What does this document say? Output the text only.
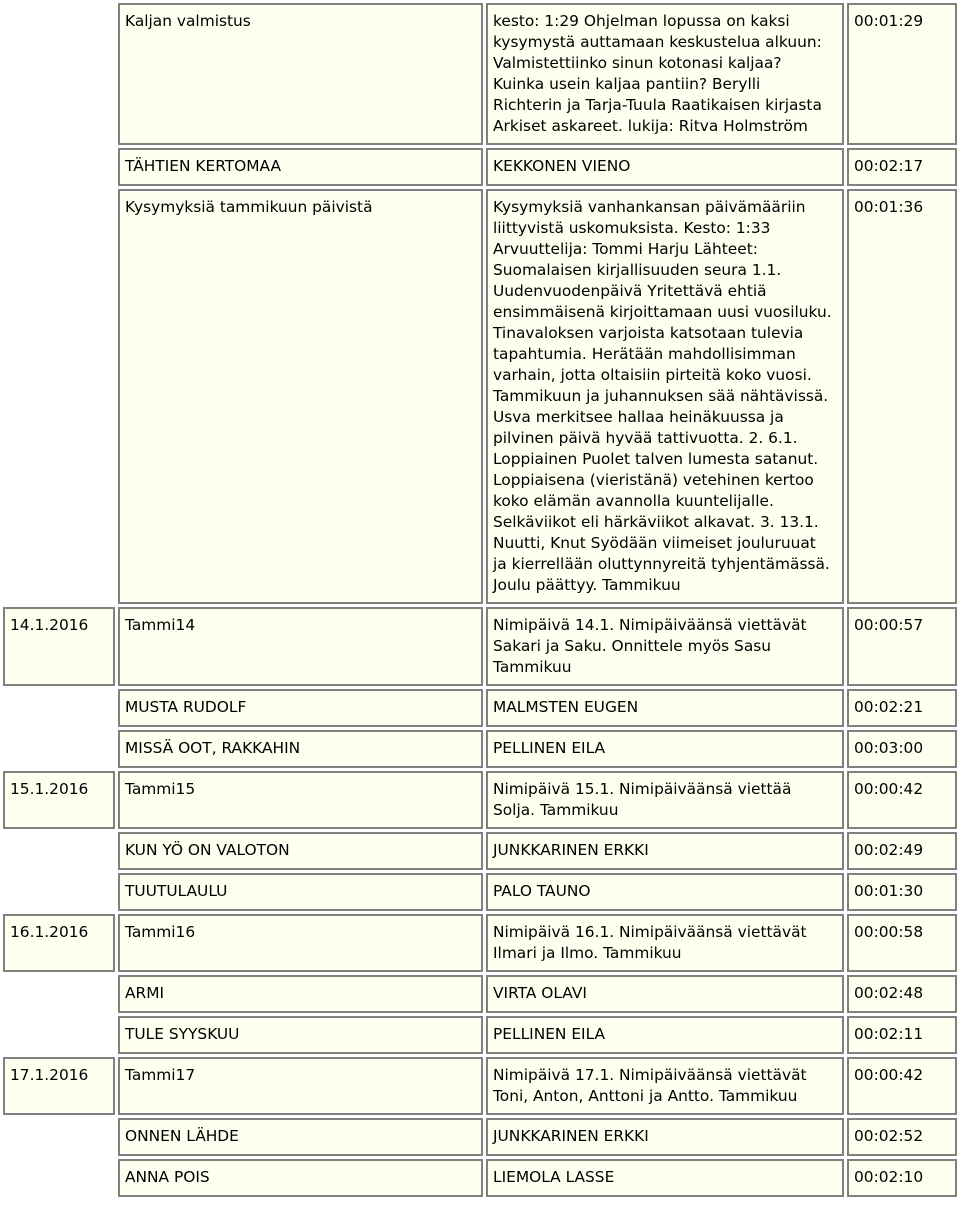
	Kaljan valmistus	kesto: 1:29 Ohjelman lopussa on kaksi kysymystä auttamaan keskustelua alkuun: Valmistettiinko sinun kotonasi kaljaa? Kuinka usein kaljaa pantiin? Berylli Richterin ja Tarja-Tuula Raatikaisen kirjasta Arkiset askareet. lukija: Ritva Holmström	00:01:29

	TÄHTIEN KERTOMAA	KEKKONEN VIENO	00:02:17

	Kysymyksiä tammikuun päivistä	Kysymyksiä vanhankansan päivämääriin liittyvistä uskomuksista. Kesto: 1:33 Arvuuttelija: Tommi Harju Lähteet: Suomalaisen kirjallisuuden seura 1.1. Uudenvuodenpäivä Yritettävä ehtiä ensimmäisenä kirjoittamaan uusi vuosiluku. Tinavaloksen varjoista katsotaan tulevia tapahtumia. Herätään mahdollisimman varhain, jotta oltaisiin pirteitä koko vuosi. Tammikuun ja juhannuksen sää nähtävissä. Usva merkitsee hallaa heinäkuussa ja pilvinen päivä hyvää tattivuotta. 2. 6.1. Loppiainen Puolet talven lumesta satanut. Loppiaisena (vieristänä) vetehinen kertoo koko elämän avannolla kuuntelijalle. Selkäviikot eli härkäviikot alkavat. 3. 13.1. Nuutti, Knut Syödään viimeiset jouluruuat ja kierrellään oluttynnyreitä tyhjentämässä. Joulu päättyy. Tammikuu	00:01:36

14.1.2016	Tammi14	Nimipäivä 14.1. Nimipäiväänsä viettävät Sakari ja Saku. Onnittele myös Sasu Tammikuu	00:00:57

	MUSTA RUDOLF	MALMSTEN EUGEN	00:02:21

	MISSÄ OOT, RAKKAHIN	PELLINEN EILA	00:03:00

15.1.2016	Tammi15	Nimipäivä 15.1. Nimipäiväänsä viettää Solja. Tammikuu	00:00:42

	KUN YÖ ON VALOTON	JUNKKARINEN ERKKI	00:02:49

	TUUTULAULU	PALO TAUNO	00:01:30

16.1.2016	Tammi16	Nimipäivä 16.1. Nimipäiväänsä viettävät Ilmari ja Ilmo. Tammikuu	00:00:58

	ARMI	VIRTA OLAVI	00:02:48

	TULE SYYSKUU	PELLINEN EILA	00:02:11

17.1.2016	Tammi17	Nimipäivä 17.1. Nimipäiväänsä viettävät Toni, Anton, Anttoni ja Antto. Tammikuu	00:00:42

	ONNEN LÄHDE	JUNKKARINEN ERKKI	00:02:52

	ANNA POIS	LIEMOLA LASSE	00:02:10
